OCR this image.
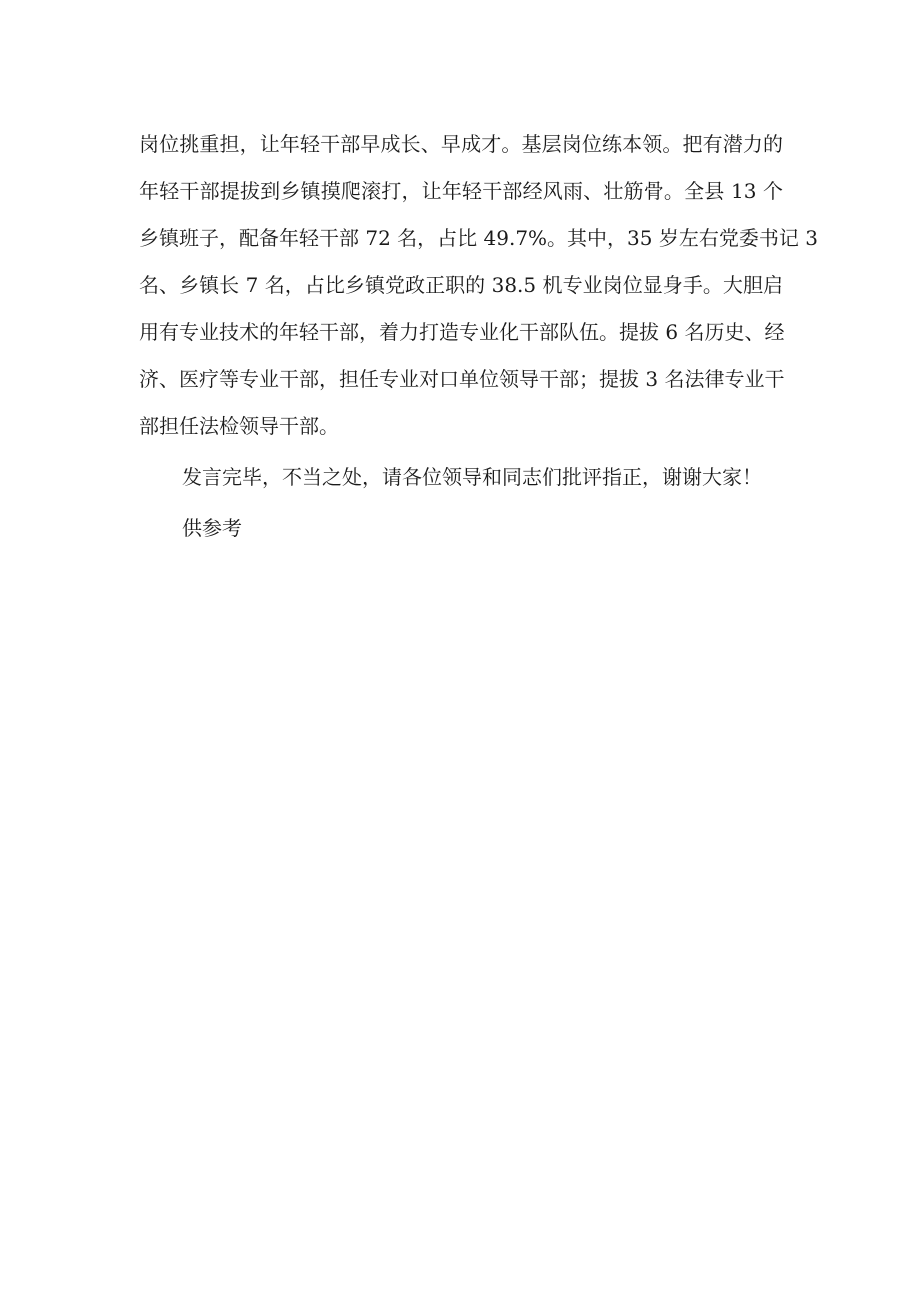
岗位挑重担，让年轻干部早成长、早成才。基层岗位练本领。把有潜力的
年轻干部提拔到乡镇摸爬滚打，让年轻干部经风雨、壮筋骨。全县 13 个
乡镇班子，配备年轻干部 72 名，占比 49.7%。其中，35 岁左右党委书记 3
名、乡镇长 7 名，占比乡镇党政正职的 38.5 机专业岗位显身手。大胆启
用有专业技术的年轻干部，着力打造专业化干部队伍。提拔 6 名历史、经
济、医疗等专业干部，担任专业对口单位领导干部；提拔 3 名法律专业干
部担任法检领导干部。
发言完毕，不当之处，请各位领导和同志们批评指正，谢谢大家！
供参考
